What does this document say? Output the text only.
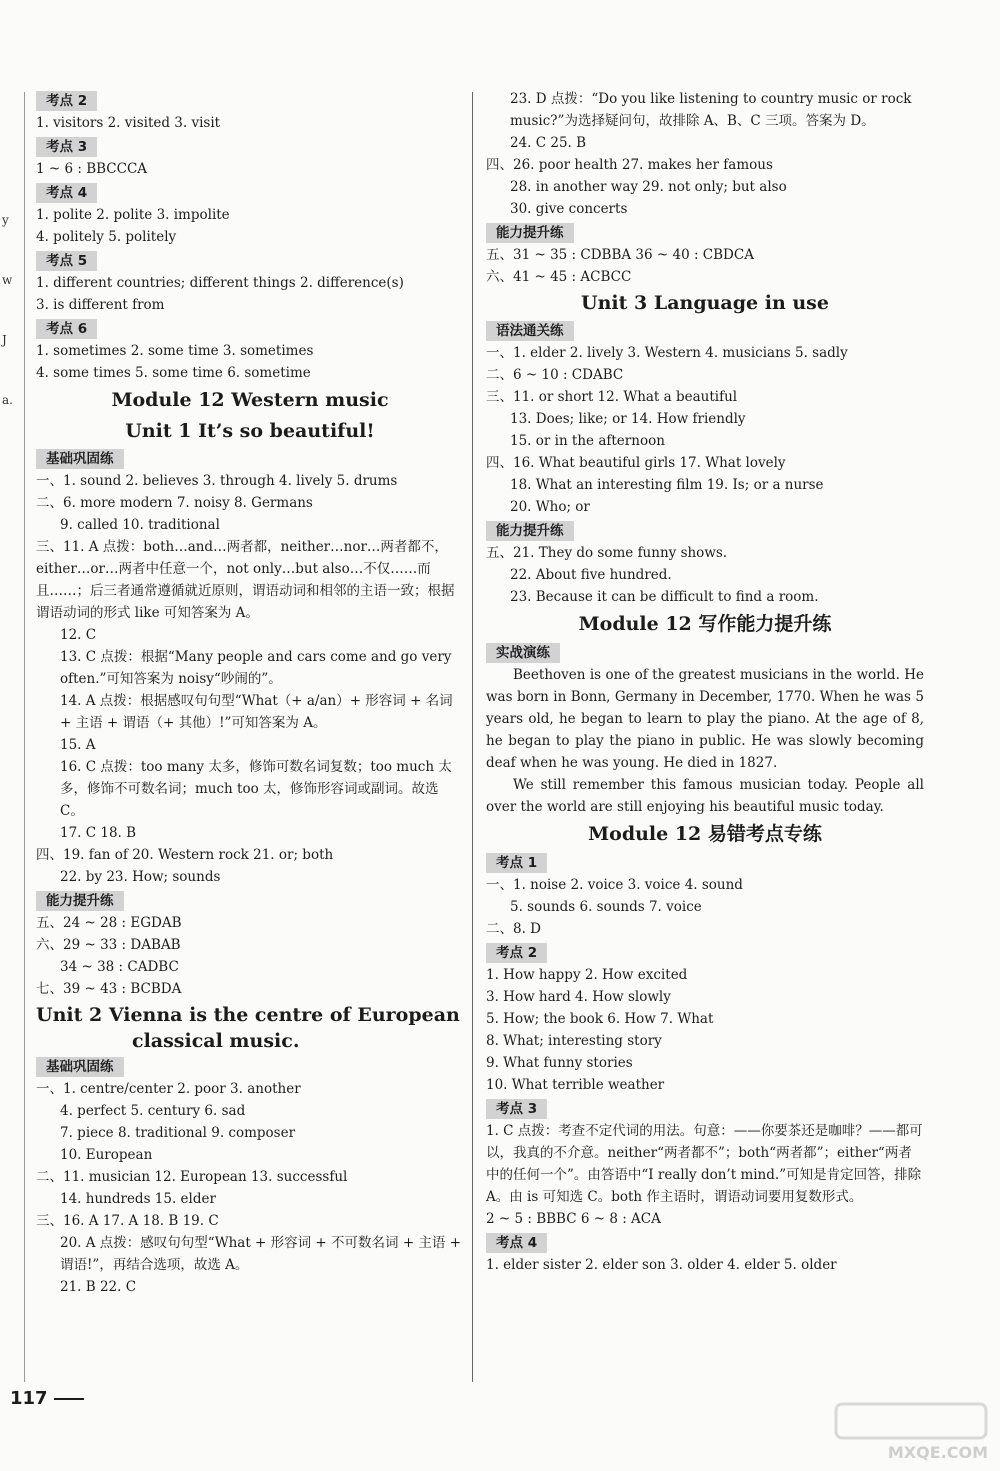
y
w
J
a.
考点 2
1. visitors 2. visited 3. visit
考点 3
1 ~ 6 : BBCCCA
考点 4
1. polite 2. polite 3. impolite
4. politely 5. politely
考点 5
1. different countries; different things 2. difference(s)
3. is different from
考点 6
1. sometimes 2. some time 3. sometimes
4. some times 5. some time 6. sometime
Module 12 Western music
Unit 1 It’s so beautiful!
基础巩固练
一、1. sound 2. believes 3. through 4. lively 5. drums
二、6. more modern 7. noisy 8. Germans
9. called 10. traditional
三、11. A 点拨：both…and…两者都，neither…nor…两者都不，either…or…两者中任意一个，not only…but also…不仅……而且……；后三者通常遵循就近原则，谓语动词和相邻的主语一致；根据谓语动词的形式 like 可知答案为 A。
12. C
13. C 点拨：根据“Many people and cars come and go very often.”可知答案为 noisy“吵闹的”。
14. A 点拨：根据感叹句句型“What（+ a/an）+ 形容词 + 名词 + 主语 + 谓语（+ 其他）!”可知答案为 A。
15. A
16. C 点拨：too many 太多，修饰可数名词复数；too much 太多，修饰不可数名词；much too 太，修饰形容词或副词。故选 C。
17. C 18. B
四、19. fan of 20. Western rock 21. or; both
22. by 23. How; sounds
能力提升练
五、24 ~ 28 : EGDAB
六、29 ~ 33 : DABAB
34 ~ 38 : CADBC
七、39 ~ 43 : BCBDA
Unit 2 Vienna is the centre of European
classical music.
基础巩固练
一、1. centre/center 2. poor 3. another
4. perfect 5. century 6. sad
7. piece 8. traditional 9. composer
10. European
二、11. musician 12. European 13. successful
14. hundreds 15. elder
三、16. A 17. A 18. B 19. C
20. A 点拨：感叹句句型“What + 形容词 + 不可数名词 + 主语 + 谓语!”，再结合选项，故选 A。
21. B 22. C
23. D 点拨：“Do you like listening to country music or rock music?”为选择疑问句，故排除 A、B、C 三项。答案为 D。
24. C 25. B
四、26. poor health 27. makes her famous
28. in another way 29. not only; but also
30. give concerts
能力提升练
五、31 ~ 35 : CDBBA 36 ~ 40 : CBDCA
六、41 ~ 45 : ACBCC
Unit 3 Language in use
语法通关练
一、1. elder 2. lively 3. Western 4. musicians 5. sadly
二、6 ~ 10 : CDABC
三、11. or short 12. What a beautiful
13. Does; like; or 14. How friendly
15. or in the afternoon
四、16. What beautiful girls 17. What lovely
18. What an interesting film 19. Is; or a nurse
20. Who; or
能力提升练
五、21. They do some funny shows.
22. About five hundred.
23. Because it can be difficult to find a room.
Module 12 写作能力提升练
实战演练
Beethoven is one of the greatest musicians in the world. He was born in Bonn, Germany in December, 1770. When he was 5 years old, he began to learn to play the piano. At the age of 8, he began to play the piano in public. He was slowly becoming deaf when he was young. He died in 1827.
We still remember this famous musician today. People all over the world are still enjoying his beautiful music today.
Module 12 易错考点专练
考点 1
一、1. noise 2. voice 3. voice 4. sound
5. sounds 6. sounds 7. voice
二、8. D
考点 2
1. How happy 2. How excited
3. How hard 4. How slowly
5. How; the book 6. How 7. What
8. What; interesting story
9. What funny stories
10. What terrible weather
考点 3
1. C 点拨：考查不定代词的用法。句意：——你要茶还是咖啡？——都可以，我真的不介意。neither“两者都不”；both“两者都”；either“两者中的任何一个”。由答语中“I really don’t mind.”可知是肯定回答，排除 A。由 is 可知选 C。both 作主语时，谓语动词要用复数形式。
2 ~ 5 : BBBC 6 ~ 8 : ACA
考点 4
1. elder sister 2. elder son 3. older 4. elder 5. older
117
MXQE.COM
